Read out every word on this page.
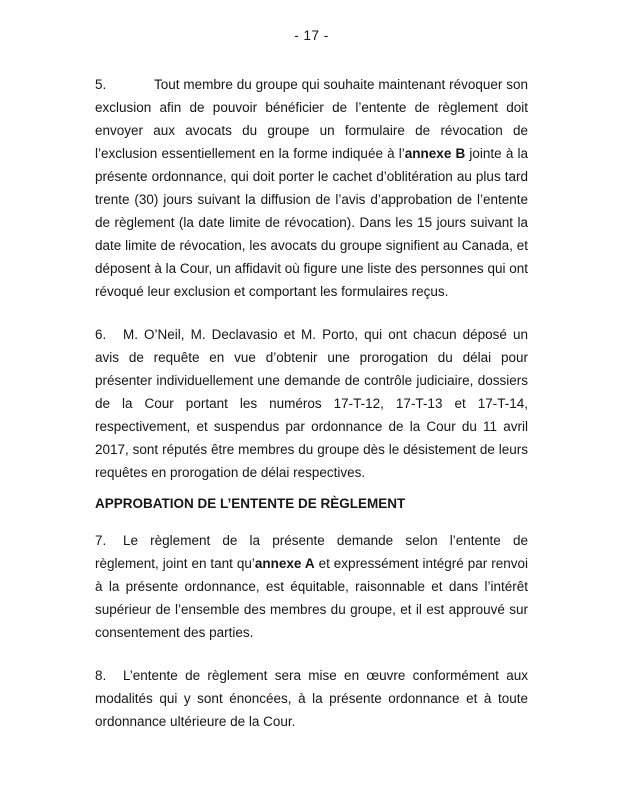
- 17 -

5.	Tout membre du groupe qui souhaite maintenant révoquer son exclusion afin de pouvoir bénéficier de l’entente de règlement doit envoyer aux avocats du groupe un formulaire de révocation de l’exclusion essentiellement en la forme indiquée à l’annexe B jointe à la présente ordonnance, qui doit porter le cachet d’oblitération au plus tard trente (30) jours suivant la diffusion de l’avis d’approbation de l’entente de règlement (la date limite de révocation). Dans les 15 jours suivant la date limite de révocation, les avocats du groupe signifient au Canada, et déposent à la Cour, un affidavit où figure une liste des personnes qui ont révoqué leur exclusion et comportant les formulaires reçus.

6. M. O’Neil, M. Declavasio et M. Porto, qui ont chacun déposé un avis de requête en vue d’obtenir une prorogation du délai pour présenter individuellement une demande de contrôle judiciaire, dossiers de la Cour portant les numéros 17-T-12, 17-T-13 et 17-T-14, respectivement, et suspendus par ordonnance de la Cour du 11 avril 2017, sont réputés être membres du groupe dès le désistement de leurs requêtes en prorogation de délai respectives.

APPROBATION DE L’ENTENTE DE RÈGLEMENT

7. Le règlement de la présente demande selon l’entente de règlement, joint en tant qu’annexe A et expressément intégré par renvoi à la présente ordonnance, est équitable, raisonnable et dans l’intérêt supérieur de l’ensemble des membres du groupe, et il est approuvé sur consentement des parties.

8. L’entente de règlement sera mise en œuvre conformément aux modalités qui y sont énoncées, à la présente ordonnance et à toute ordonnance ultérieure de la Cour.
